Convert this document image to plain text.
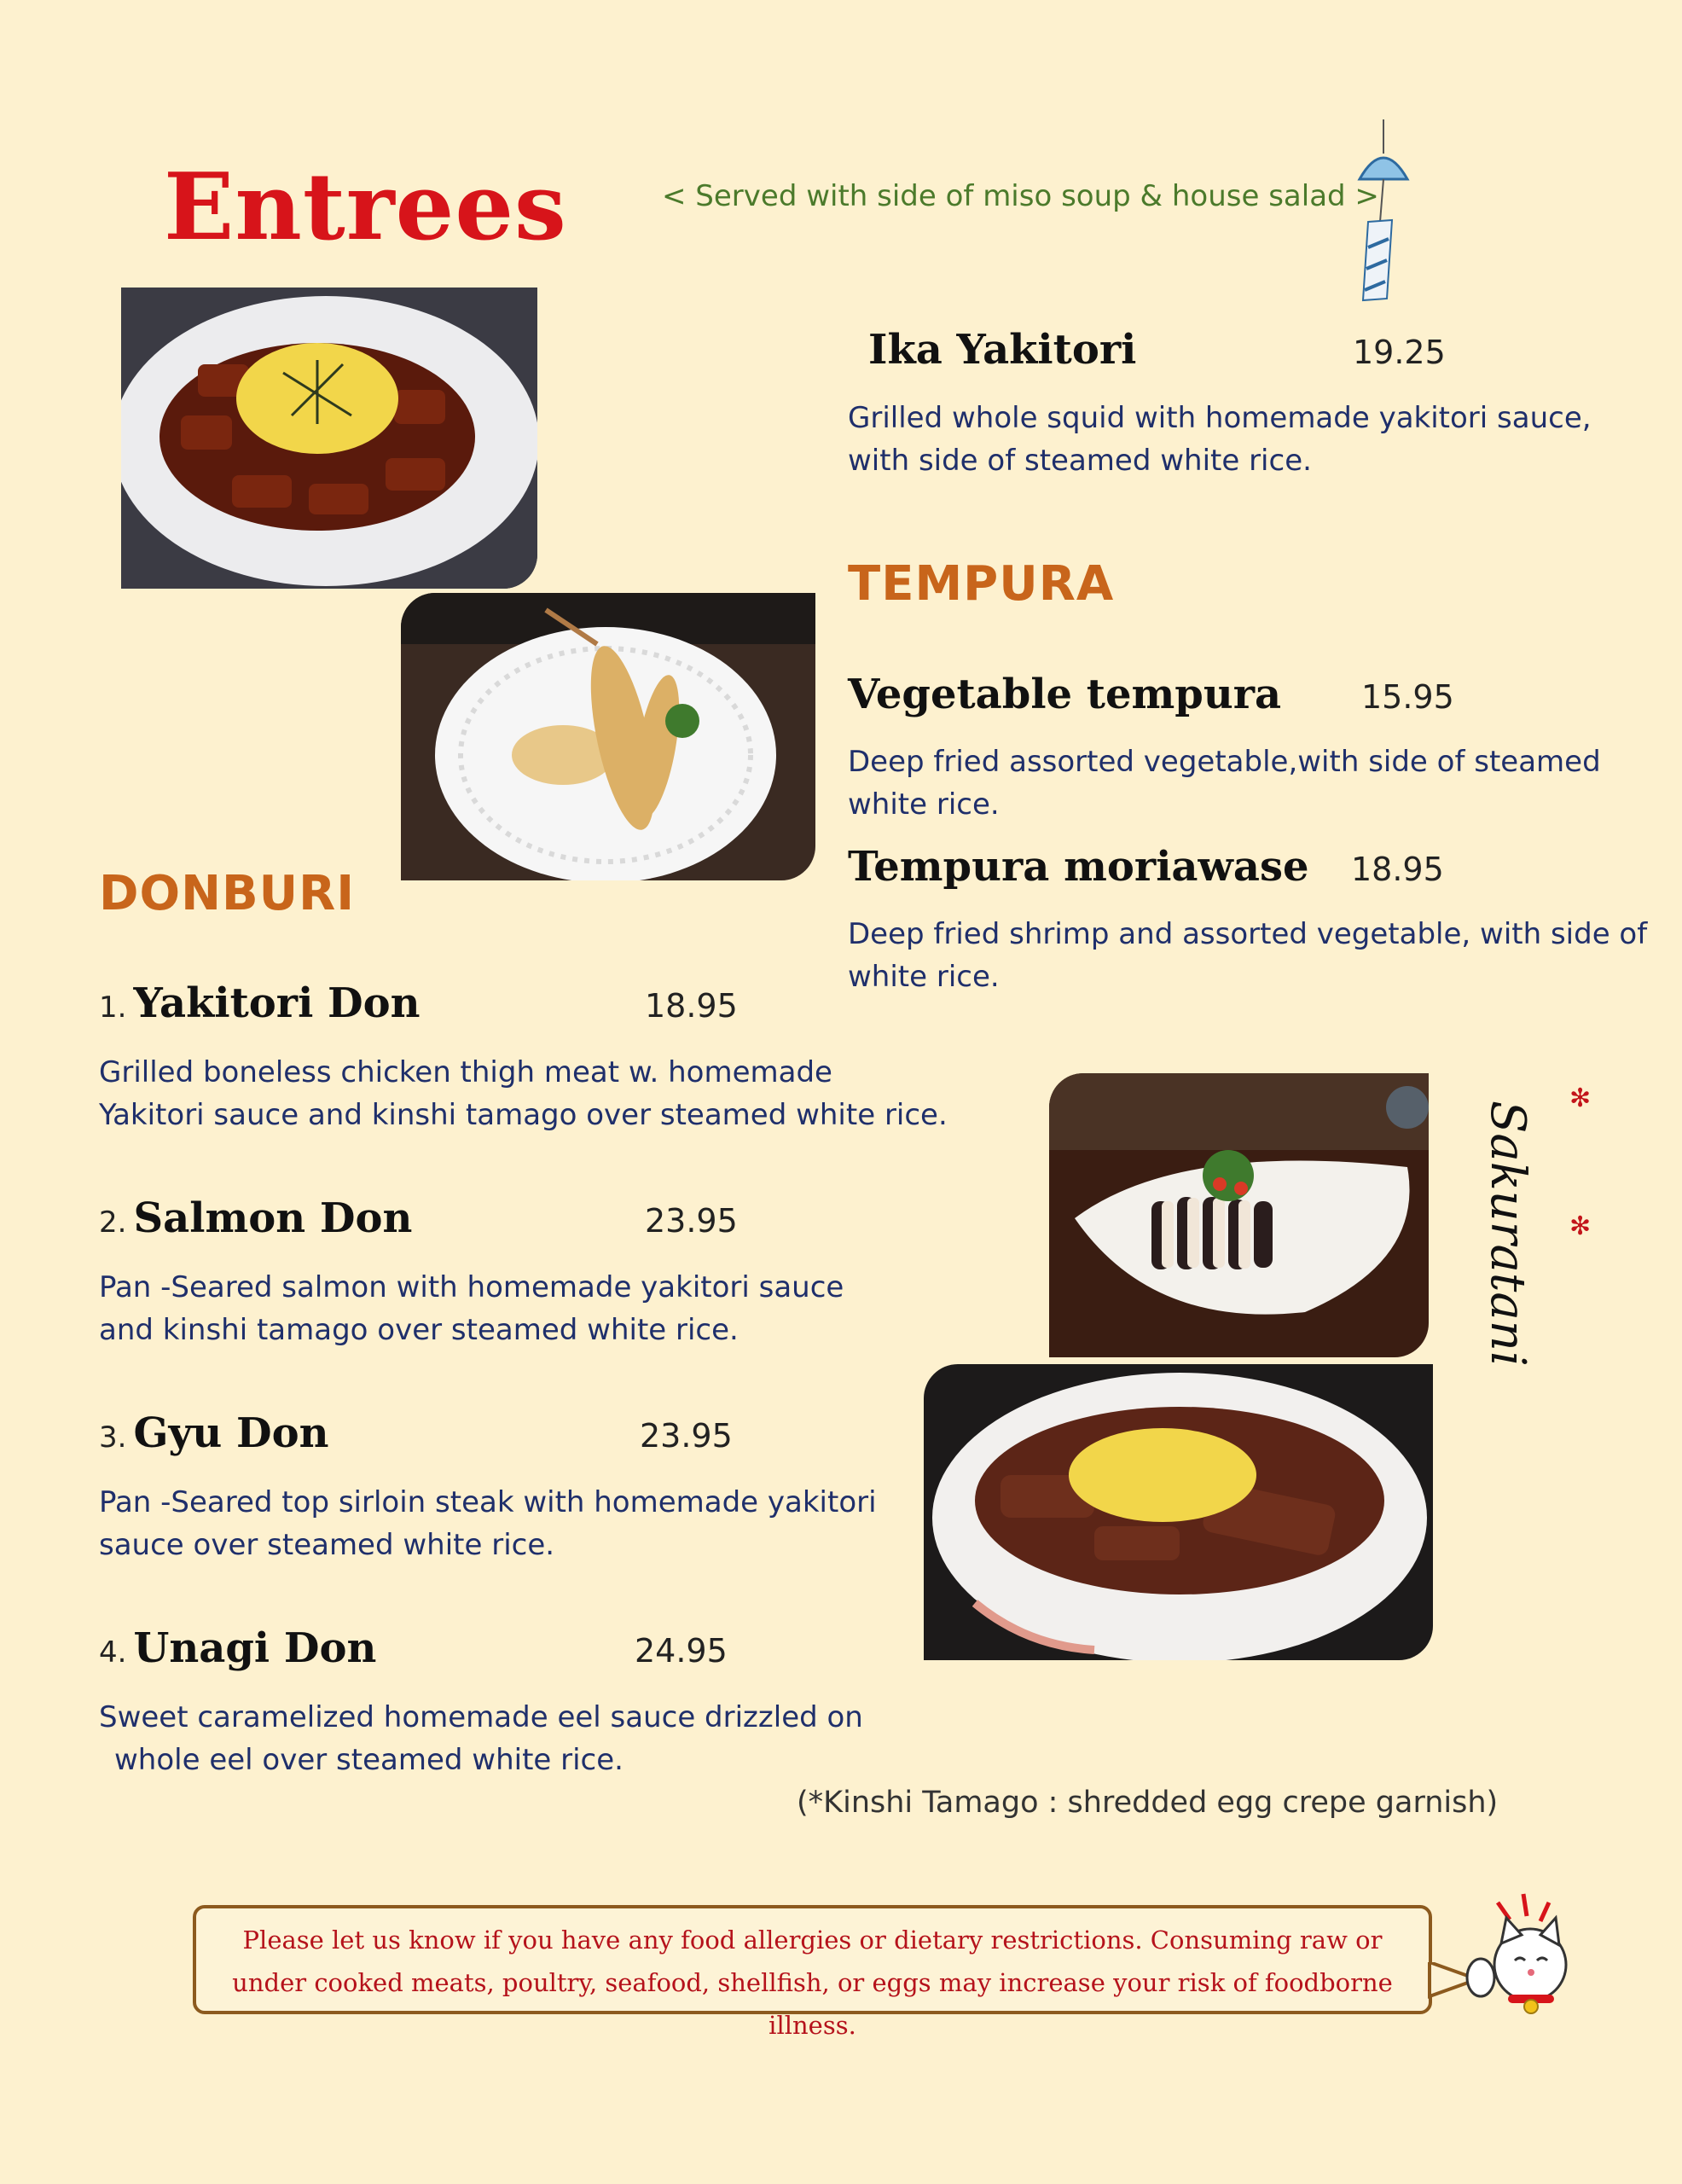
Entrees	< Served with side of miso soup & house salad >
DONBURI
1. Yakitori Don	18.95
Grilled boneless chicken thigh meat w. homemade
Yakitori sauce and kinshi tamago over steamed white rice.
2. Salmon Don	23.95
Pan -Seared salmon with homemade yakitori sauce
and kinshi tamago over steamed white rice.
3. Gyu Don	23.95
Pan -Seared top sirloin steak with homemade yakitori
sauce over steamed white rice.
4. Unagi Don	24.95
Sweet caramelized homemade eel sauce drizzled on
whole eel over steamed white rice.
Ika Yakitori	19.25
Grilled whole squid with homemade yakitori sauce,
with side of steamed white rice.
TEMPURA
Vegetable tempura 15.95
Deep fried assorted vegetable,with side of steamed
white rice.
Tempura moriawase 18.95
Deep fried shrimp and assorted vegetable, with side of
white rice.
Sakuratani
✻
✻
(*Kinshi Tamago : shredded egg crepe garnish)
Please let us know if you have any food allergies or dietary restrictions. Consuming raw or
under cooked meats, poultry, seafood, shellfish, or eggs may increase your risk of foodborne illness.
